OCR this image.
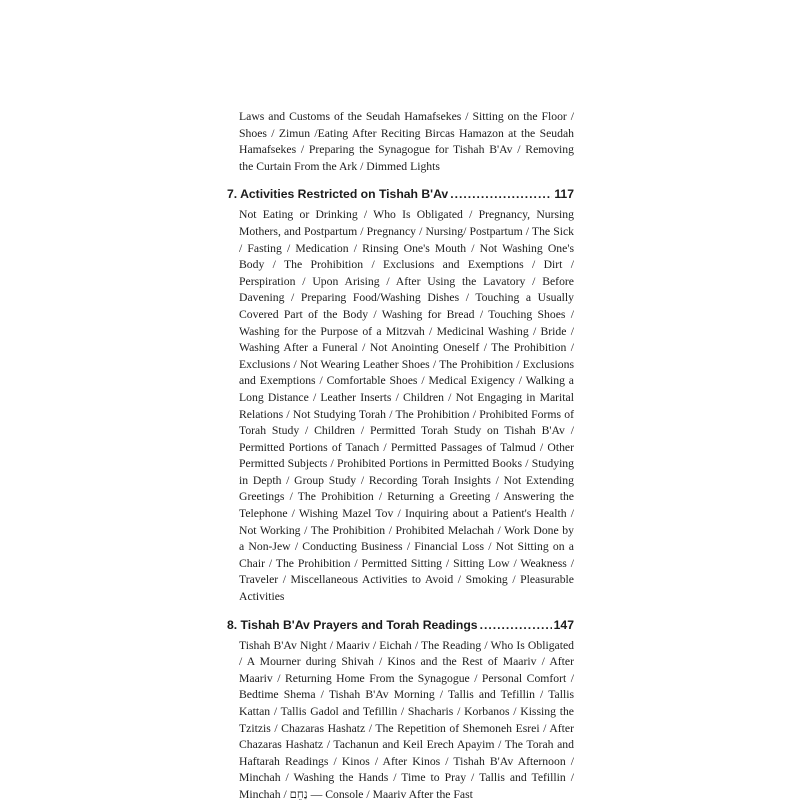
Laws and Customs of the Seudah Hamafsekes / Sitting on the Floor / Shoes / Zimun /Eating After Reciting Bircas Hamazon at the Seudah Hamafsekes / Preparing the Synagogue for Tishah B'Av / Removing the Curtain From the Ark / Dimmed Lights

7. Activities Restricted on Tishah B'Av .....	117

Not Eating or Drinking / Who Is Obligated / Pregnancy, Nursing Mothers, and Postpartum / Pregnancy / Nursing/ Postpartum / The Sick / Fasting / Medication / Rinsing One's Mouth / Not Washing One's Body / The Prohibition / Exclusions and Exemptions / Dirt / Perspiration / Upon Arising / After Using the Lavatory / Before Davening / Preparing Food/Washing Dishes / Touching a Usually Covered Part of the Body / Washing for Bread / Touching Shoes / Washing for the Purpose of a Mitzvah / Medicinal Washing / Bride / Washing After a Funeral / Not Anointing Oneself / The Prohibition / Exclusions / Not Wearing Leather Shoes / The Prohibition / Exclusions and Exemptions / Comfortable Shoes / Medical Exigency / Walking a Long Distance / Leather Inserts / Children / Not Engaging in Marital Relations / Not Studying Torah / The Prohibition / Prohibited Forms of Torah Study / Children / Permitted Torah Study on Tishah B'Av / Permitted Portions of Tanach / Permitted Passages of Talmud / Other Permitted Subjects / Prohibited Portions in Permitted Books / Studying in Depth / Group Study / Recording Torah Insights / Not Extending Greetings / The Prohibition / Returning a Greeting / Answering the Telephone / Wishing Mazel Tov / Inquiring about a Patient's Health / Not Working / The Prohibition / Prohibited Melachah / Work Done by a Non-Jew / Conducting Business / Financial Loss / Not Sitting on a Chair / The Prohibition / Permitted Sitting / Sitting Low / Weakness / Traveler / Miscellaneous Activities to Avoid / Smoking / Pleasurable Activities

8. Tishah B'Av Prayers and Torah Readings .....	147

Tishah B'Av Night / Maariv / Eichah / The Reading / Who Is Obligated / A Mourner during Shivah / Kinos and the Rest of Maariv / After Maariv / Returning Home From the Synagogue / Personal Comfort / Bedtime Shema / Tishah B'Av Morning / Tallis and Tefillin / Tallis Kattan / Tallis Gadol and Tefillin / Shacharis / Korbanos / Kissing the Tzitzis / Chazaras Hashatz / The Repetition of Shemoneh Esrei / After Chazaras Hashatz / Tachanun and Keil Erech Apayim / The Torah and Haftarah Readings / Kinos / After Kinos / Tishah B'Av Afternoon / Minchah / Washing the Hands / Time to Pray / Tallis and Tefillin / Minchah / נַחֵם — Console / Maariv After the Fast
